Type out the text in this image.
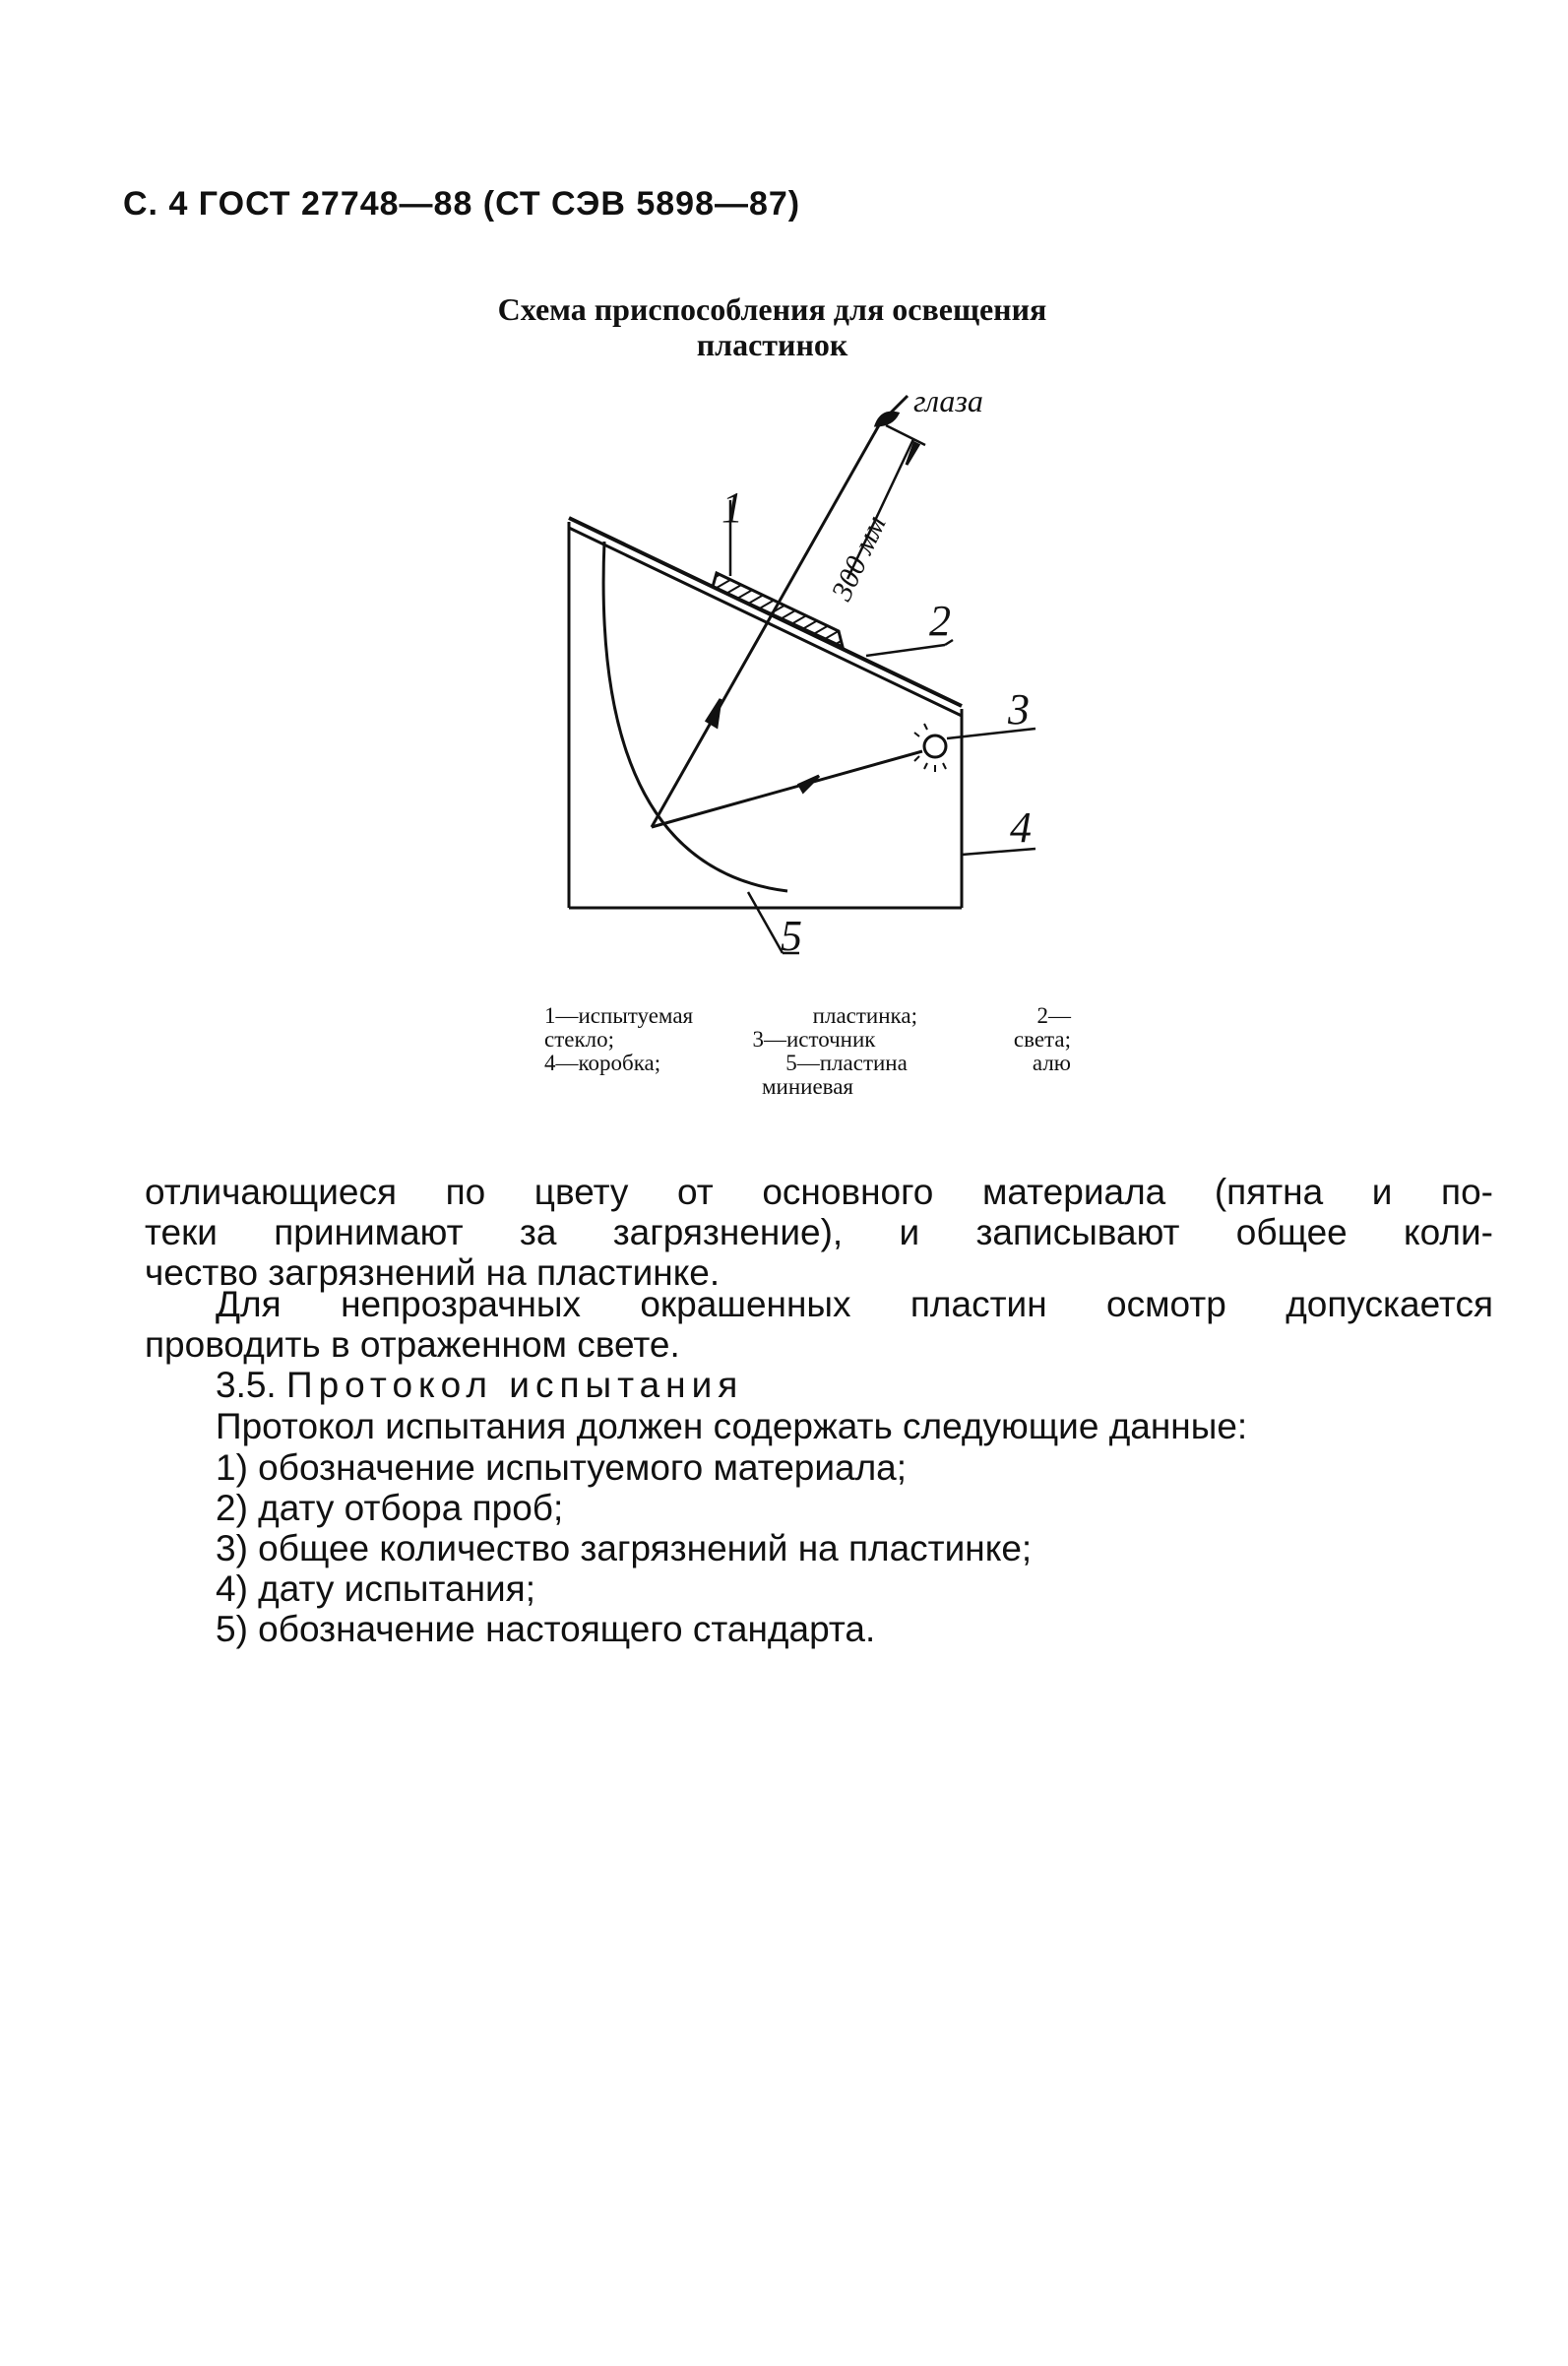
С. 4 ГОСТ 27748—88 (СТ СЭВ 5898—87)
Схема приспособления для освещения
пластинок
глаза
300 мм
1
2
3
4
5
1—испытуемая пластинка; 2—
стекло; 3—источник света;
4—коробка; 5—пластина алю
миниевая
отличающиеся по цвету от основного материала (пятна и по-
теки принимают за загрязнение), и записывают общее коли-
чество загрязнений на пластинке.
Для непрозрачных окрашенных пластин осмотр допускается
проводить в отраженном свете.
3.5. Протокол испытания
Протокол испытания должен содержать следующие данные:
1) обозначение испытуемого материала;
2) дату отбора проб;
3) общее количество загрязнений на пластинке;
4) дату испытания;
5) обозначение настоящего стандарта.
